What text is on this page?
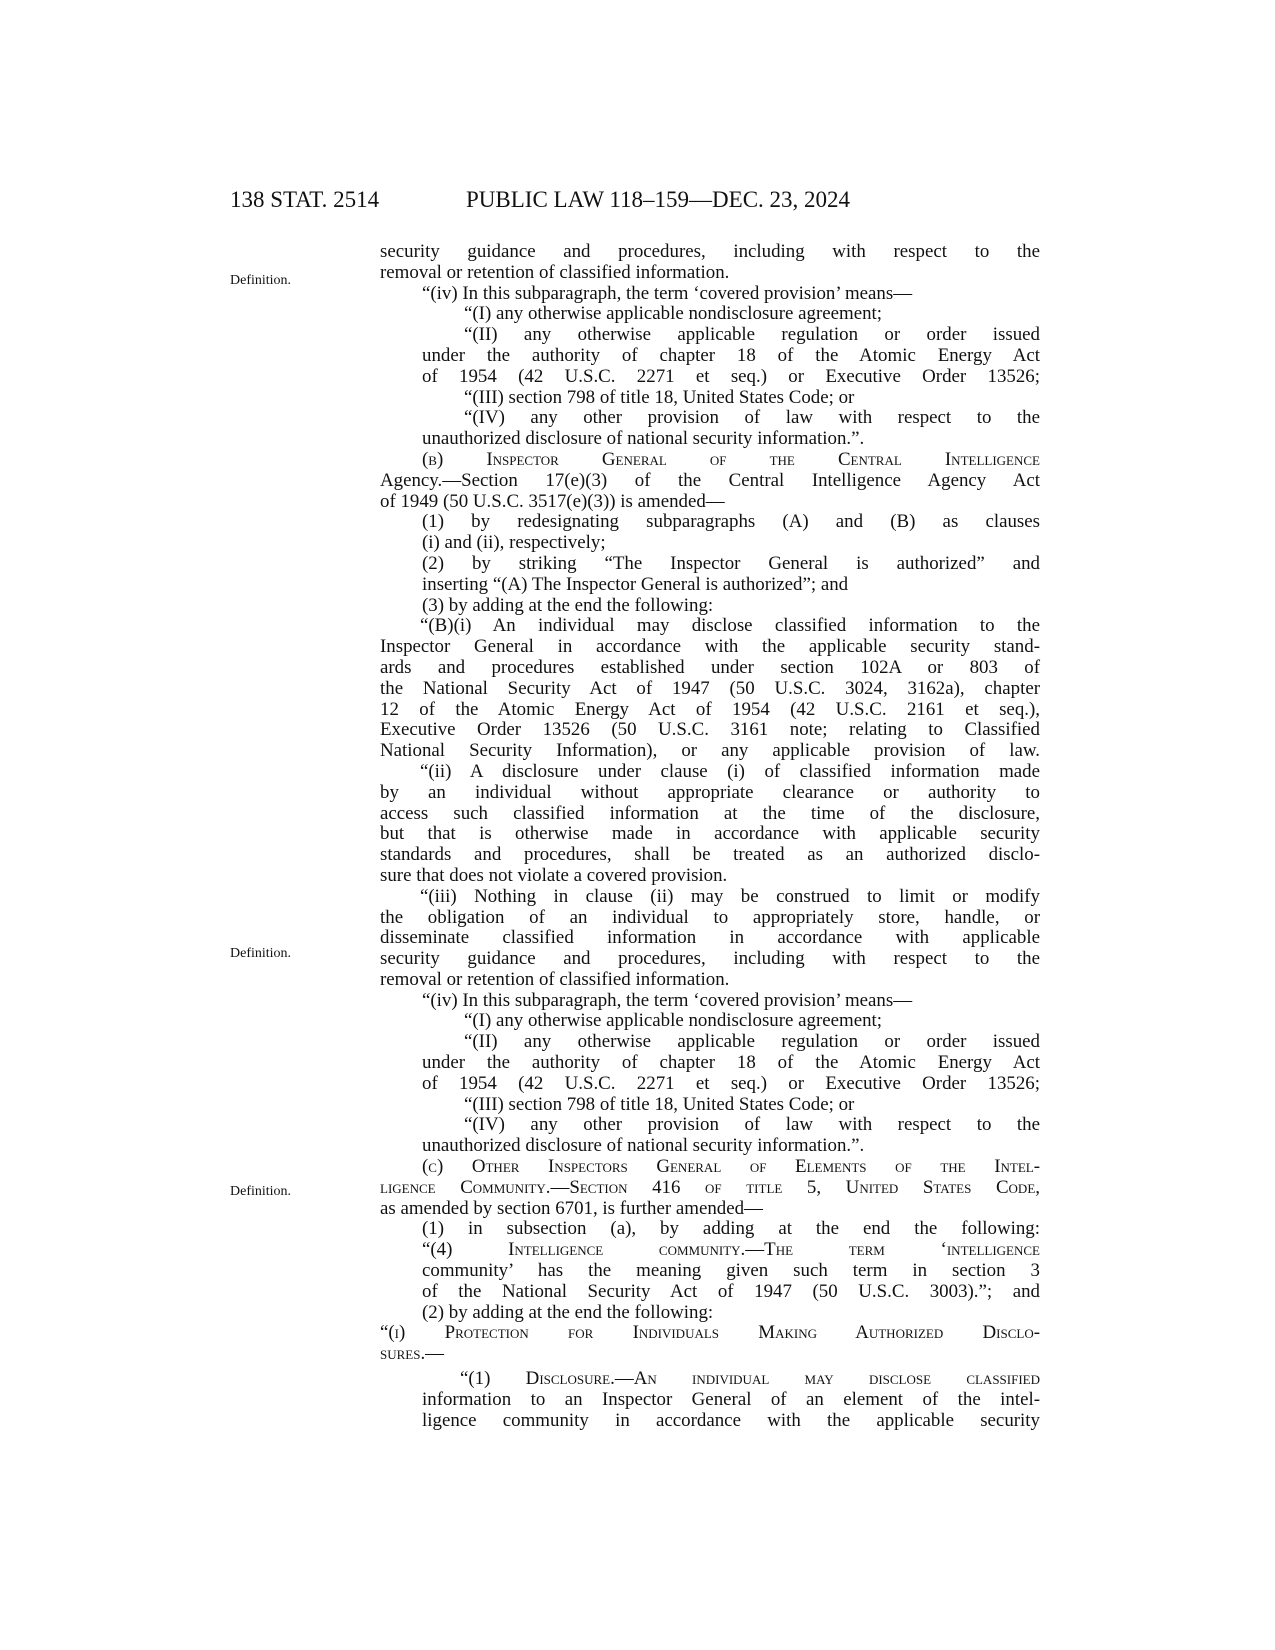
138 STAT. 2514	PUBLIC LAW 118–159—DEC. 23, 2024
Definition.
Definition.
Definition.
security guidance and procedures, including with respect to the
removal or retention of classified information.
“(iv) In this subparagraph, the term ‘covered provision’ means—
“(I) any otherwise applicable nondisclosure agreement;
“(II) any otherwise applicable regulation or order issued
under the authority of chapter 18 of the Atomic Energy Act
of 1954 (42 U.S.C. 2271 et seq.) or Executive Order 13526;
“(III) section 798 of title 18, United States Code; or
“(IV) any other provision of law with respect to the
unauthorized disclosure of national security information.”.
(b) Inspector General of the Central Intelligence
Agency.—Section 17(e)(3) of the Central Intelligence Agency Act
of 1949 (50 U.S.C. 3517(e)(3)) is amended—
(1) by redesignating subparagraphs (A) and (B) as clauses
(i) and (ii), respectively;
(2) by striking “The Inspector General is authorized” and
inserting “(A) The Inspector General is authorized”; and
(3) by adding at the end the following:
“(B)(i) An individual may disclose classified information to the
Inspector General in accordance with the applicable security stand-
ards and procedures established under section 102A or 803 of
the National Security Act of 1947 (50 U.S.C. 3024, 3162a), chapter
12 of the Atomic Energy Act of 1954 (42 U.S.C. 2161 et seq.),
Executive Order 13526 (50 U.S.C. 3161 note; relating to Classified
National Security Information), or any applicable provision of law.
“(ii) A disclosure under clause (i) of classified information made
by an individual without appropriate clearance or authority to
access such classified information at the time of the disclosure,
but that is otherwise made in accordance with applicable security
standards and procedures, shall be treated as an authorized disclo-
sure that does not violate a covered provision.
“(iii) Nothing in clause (ii) may be construed to limit or modify
the obligation of an individual to appropriately store, handle, or
disseminate classified information in accordance with applicable
security guidance and procedures, including with respect to the
removal or retention of classified information.
“(iv) In this subparagraph, the term ‘covered provision’ means—
“(I) any otherwise applicable nondisclosure agreement;
“(II) any otherwise applicable regulation or order issued
under the authority of chapter 18 of the Atomic Energy Act
of 1954 (42 U.S.C. 2271 et seq.) or Executive Order 13526;
“(III) section 798 of title 18, United States Code; or
“(IV) any other provision of law with respect to the
unauthorized disclosure of national security information.”.
(c) Other Inspectors General of Elements of the Intel-
ligence Community.—Section 416 of title 5, United States Code,
as amended by section 6701, is further amended—
(1) in subsection (a), by adding at the end the following:
“(4) Intelligence community.—The term ‘intelligence
community’ has the meaning given such term in section 3
of the National Security Act of 1947 (50 U.S.C. 3003).”; and
(2) by adding at the end the following:
“(i) Protection for Individuals Making Authorized Disclo-
sures.—
“(1) Disclosure.—An individual may disclose classified
information to an Inspector General of an element of the intel-
ligence community in accordance with the applicable security
